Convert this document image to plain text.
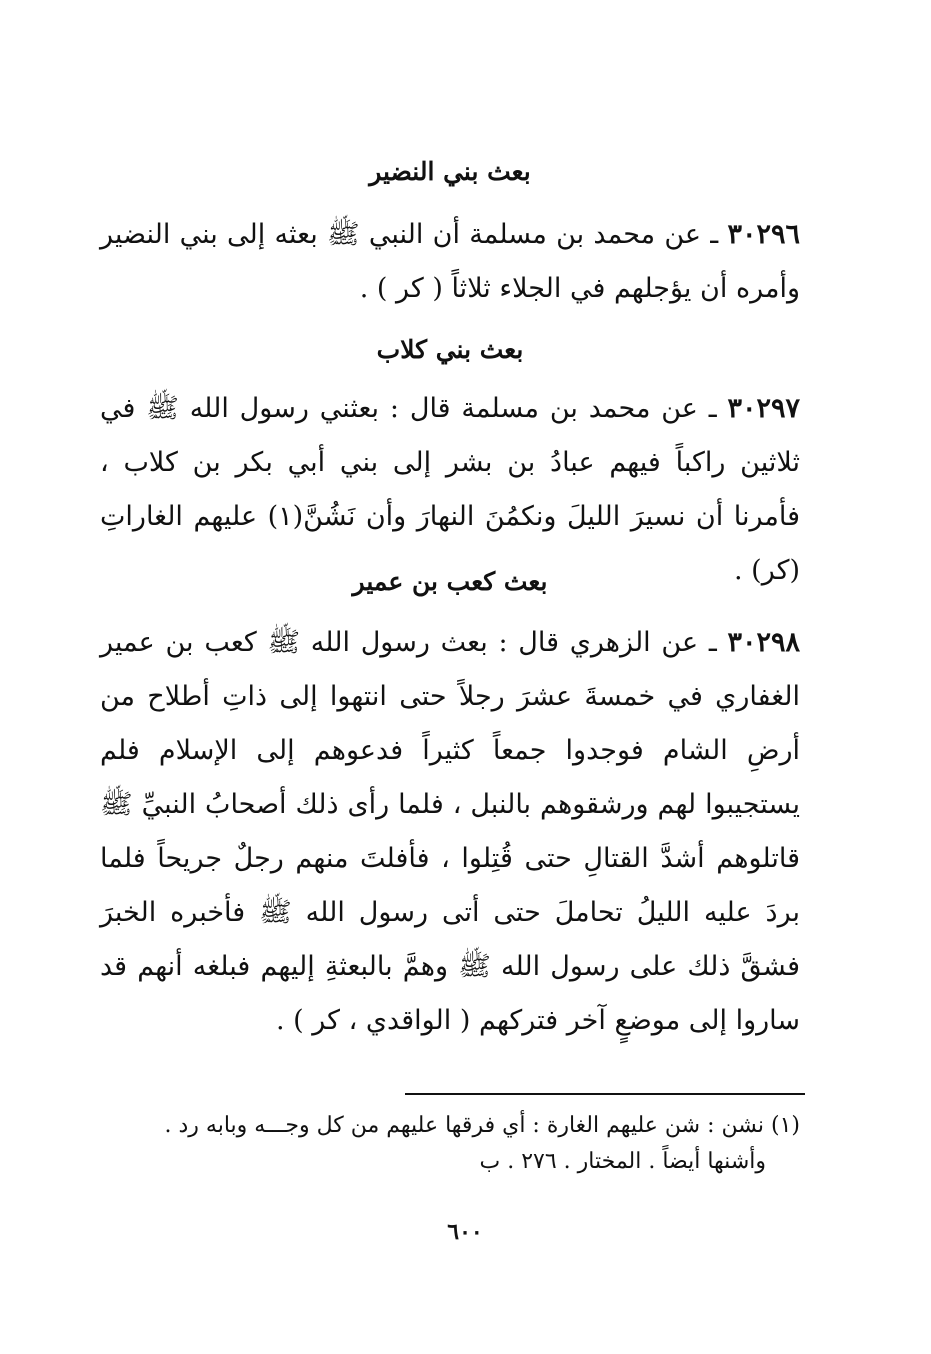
بعث بني النضير
٣٠٢٩٦ ـ عن محمد بن مسلمة أن النبي ﷺ بعثه إلى بني النضير وأمره أن يؤجلهم في الجلاء ثلاثاً ( كر ) .
بعث بني كلاب
٣٠٢٩٧ ـ عن محمد بن مسلمة قال : بعثني رسول الله ﷺ في ثلاثين راكباً فيهم عبادُ بن بشر إلى بني أبي بكر بن كلاب ، فأمرنا أن نسيرَ الليلَ ونكمُنَ النهارَ وأن نَشُنَّ(١) عليهم الغاراتِ (كر) .
بعث كعب بن عمير
٣٠٢٩٨ ـ عن الزهري قال : بعث رسول الله ﷺ كعب بن عمير الغفاري في خمسةَ عشرَ رجلاً حتى انتهوا إلى ذاتِ أطلاح من أرضِ الشام فوجدوا جمعاً كثيراً فدعوهم إلى الإسلام فلم يستجيبوا لهم ورشقوهم بالنبل ، فلما رأى ذلك أصحابُ النبيِّ ﷺ قاتلوهم أشدَّ القتالِ حتى قُتِلوا ، فأفلتَ منهم رجلٌ جريحاً فلما بردَ عليه الليلُ تحاملَ حتى أتى رسول الله ﷺ فأخبره الخبرَ فشقَّ ذلك على رسول الله ﷺ وهمَّ بالبعثةِ إليهم فبلغه أنهم قد ساروا إلى موضعٍ آخر فتركهم ( الواقدي ، كر ) .
(١) نشن : شن عليهم الغارة : أي فرقها عليهم من كل وجـــه وبابه رد .
وأشنها أيضاً . المختار . ٢٧٦ . ب
٦٠٠
